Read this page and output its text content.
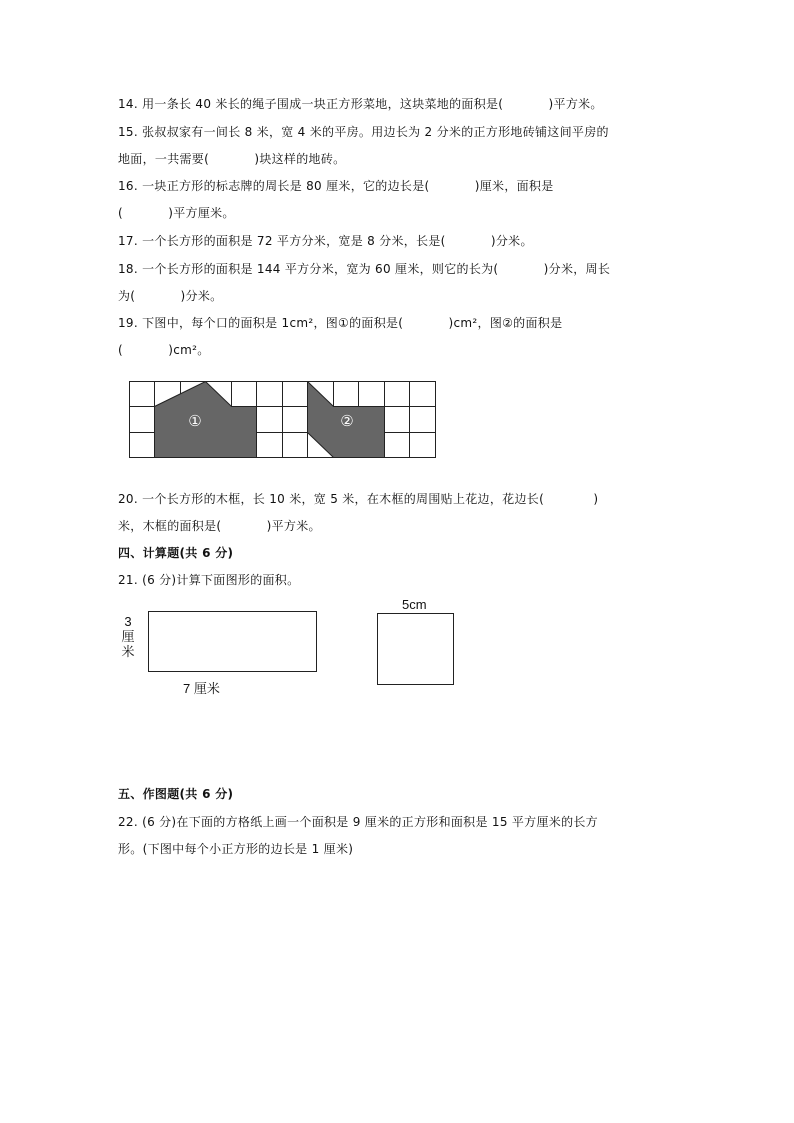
14. 用一条长 40 米长的绳子围成一块正方形菜地，这块菜地的面积是(           )平方米。
15. 张叔叔家有一间长 8 米，宽 4 米的平房。用边长为 2 分米的正方形地砖铺这间平房的
地面，一共需要(           )块这样的地砖。
16. 一块正方形的标志牌的周长是 80 厘米，它的边长是(           )厘米，面积是
(           )平方厘米。
17. 一个长方形的面积是 72 平方分米，宽是 8 分米，长是(           )分米。
18. 一个长方形的面积是 144 平方分米，宽为 60 厘米，则它的长为(           )分米，周长
为(           )分米。
19. 下图中，每个口的面积是 1cm²，图①的面积是(           )cm²，图②的面积是
(           )cm²。
①	②
20. 一个长方形的木框，长 10 米，宽 5 米，在木框的周围贴上花边，花边长(            )
米，木框的面积是(           )平方米。
四、计算题(共 6 分)
21. (6 分)计算下面图形的面积。
3 厘米
7 厘米
5cm
五、作图题(共 6 分)
22. (6 分)在下面的方格纸上画一个面积是 9 厘米的正方形和面积是 15 平方厘米的长方
形。(下图中每个小正方形的边长是 1 厘米)
